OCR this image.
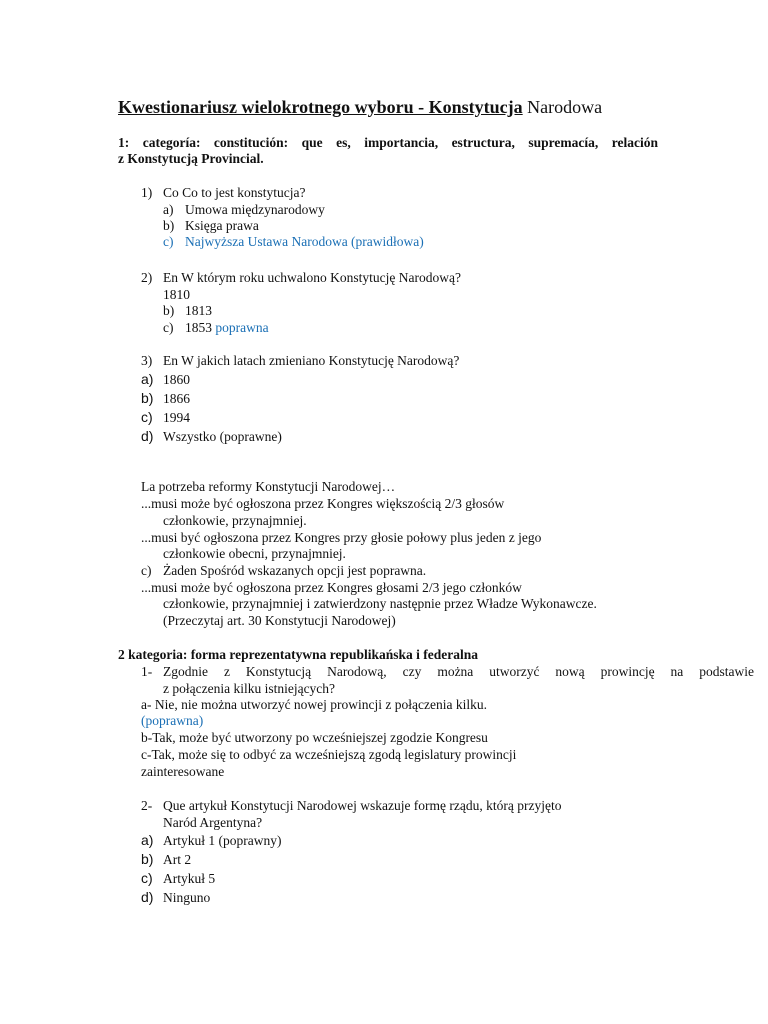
Kwestionariusz wielokrotnego wyboru - Konstytucja Narodowa
1: categoría: constitución: que es, importancia, estructura, supremacía, relación
z Konstytucją Provincial.
1) Co Co to jest konstytucja?
a) Umowa międzynarodowy
b) Księga prawa
c) Najwyższa Ustawa Narodowa (prawidłowa)
2) En W którym roku uchwalono Konstytucję Narodową?
1810
b) 1813
c) 1853 poprawna
3) En W jakich latach zmieniano Konstytucję Narodową?
a) 1860
b) 1866
c) 1994
d) Wszystko (poprawne)
La potrzeba reformy Konstytucji Narodowej…
...musi może być ogłoszona przez Kongres większością 2/3 głosów
członkowie, przynajmniej.
...musi być ogłoszona przez Kongres przy głosie połowy plus jeden z jego
członkowie obecni, przynajmniej.
c) Żaden Spośród wskazanych opcji jest poprawna.
...musi może być ogłoszona przez Kongres głosami 2/3 jego członków
członkowie, przynajmniej i zatwierdzony następnie przez Władze Wykonawcze.
(Przeczytaj art. 30 Konstytucji Narodowej)
2 kategoria: forma reprezentatywna republikańska i federalna
1- Zgodnie z Konstytucją Narodową, czy można utworzyć nową prowincję na podstawie
z połączenia kilku istniejących?
a- Nie, nie można utworzyć nowej prowincji z połączenia kilku.
(poprawna)
b-Tak, może być utworzony po wcześniejszej zgodzie Kongresu
c-Tak, może się to odbyć za wcześniejszą zgodą legislatury prowincji
zainteresowane
2- Que artykuł Konstytucji Narodowej wskazuje formę rządu, którą przyjęto
Naród Argentyna?
a) Artykuł 1 (poprawny)
b) Art 2
c) Artykuł 5
d) Ninguno
